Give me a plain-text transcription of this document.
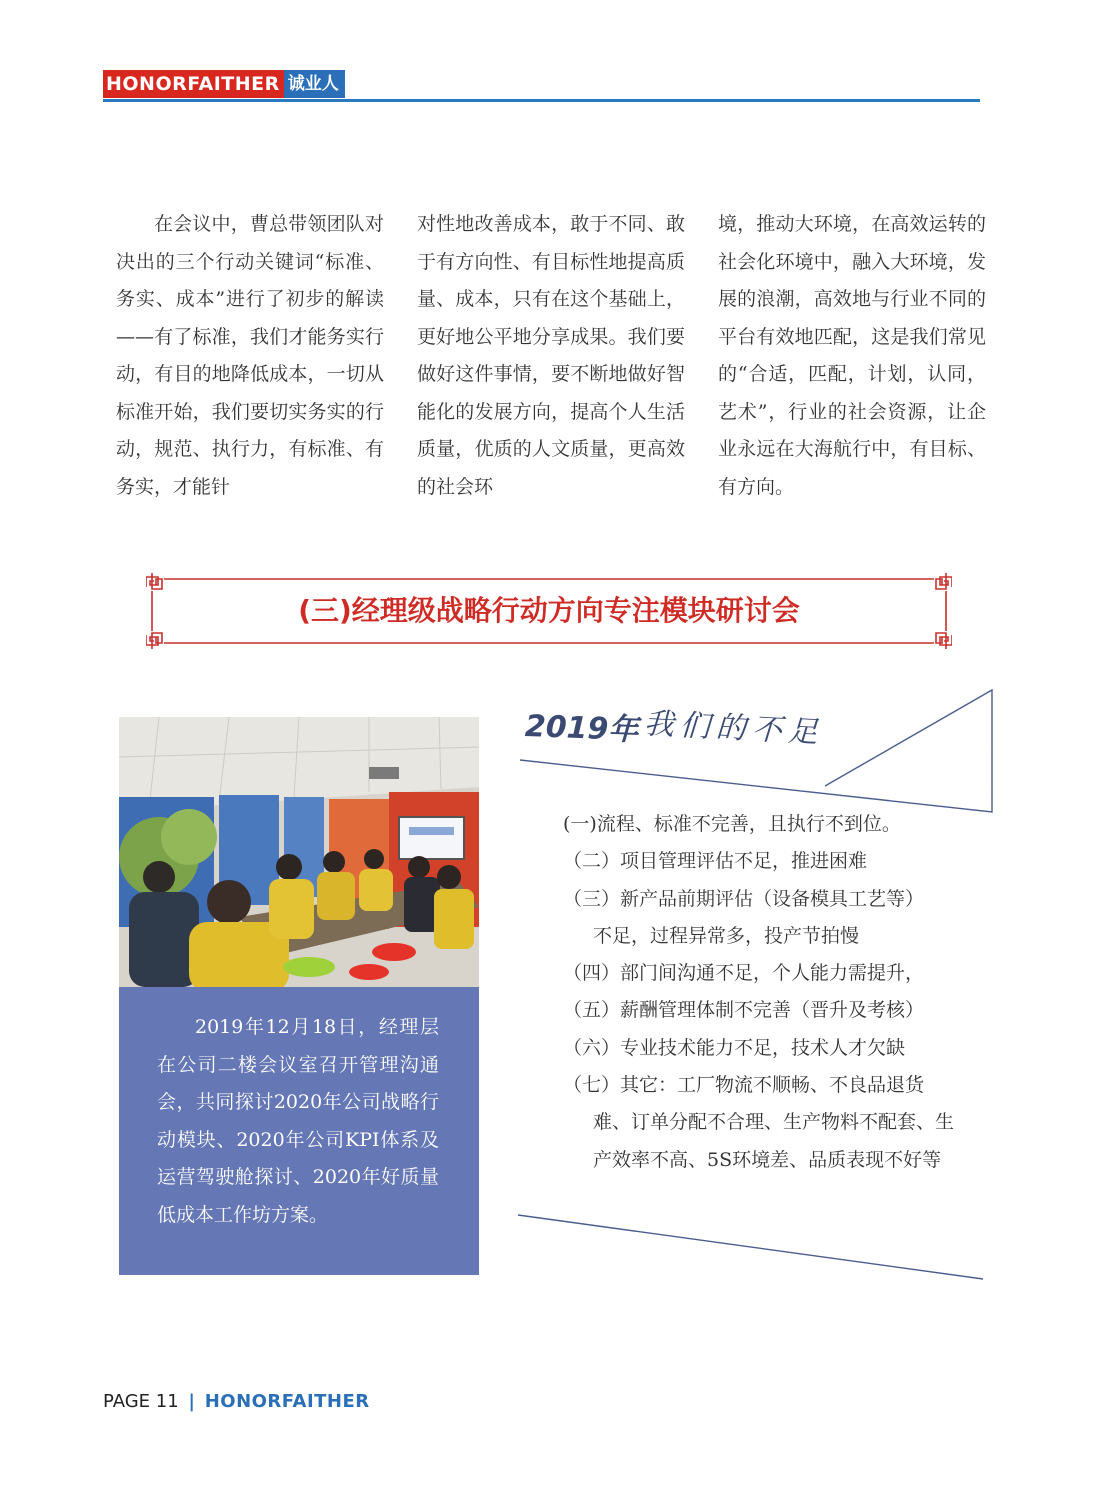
HONORFAITHER 诚业人

在会议中，曹总带领团队对决出的三个行动关键词“标准、务实、成本”进行了初步的解读——有了标准，我们才能务实行动，有目的地降低成本，一切从标准开始，我们要切实务实的行动，规范、执行力，有标准、有务实，才能针

对性地改善成本，敢于不同、敢于有方向性、有目标性地提高质量、成本，只有在这个基础上，更好地公平地分享成果。我们要做好这件事情，要不断地做好智能化的发展方向，提高个人生活质量，优质的人文质量，更高效的社会环

境，推动大环境，在高效运转的社会化环境中，融入大环境，发展的浪潮，高效地与行业不同的平台有效地匹配，这是我们常见的“合适，匹配，计划，认同，艺术”，行业的社会资源，让企业永远在大海航行中，有目标、有方向。

(三)经理级战略行动方向专注模块研讨会

2019年12月18日，经理层在公司二楼会议室召开管理沟通会，共同探讨2020年公司战略行动模块、2020年公司KPI体系及运营驾驶舱探讨、2020年好质量低成本工作坊方案。

2019年 我们的不足
(一)流程、标准不完善，且执行不到位。
（二）项目管理评估不足，推进困难
（三）新产品前期评估（设备模具工艺等）
不足，过程异常多，投产节拍慢
（四）部门间沟通不足，个人能力需提升，
（五）薪酬管理体制不完善（晋升及考核）
（六）专业技术能力不足，技术人才欠缺
（七）其它：工厂物流不顺畅、不良品退货
难、订单分配不合理、生产物料不配套、生产效率不高、5S环境差、品质表现不好等
PAGE 11 | HONORFAITHER
